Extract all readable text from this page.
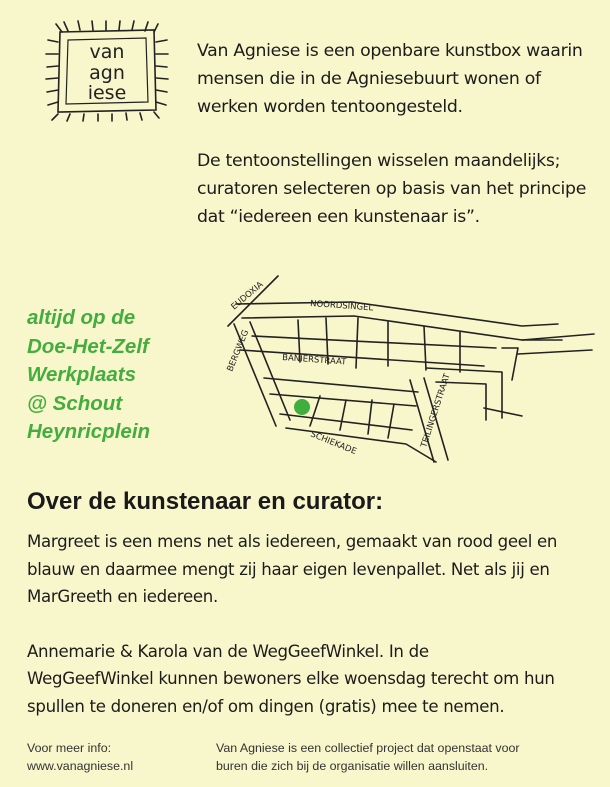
van
agn
iese

Van Agniese is een openbare kunstbox waarin
mensen die in de Agniesebuurt wonen of
werken worden tentoongesteld.

De tentoonstellingen wisselen maandelijks;
curatoren selecteren op basis van het principe
dat “iedereen een kunstenaar is”.

altijd op de
Doe-Het-Zelf
Werkplaats
@ Schout
Heynricplein
EUDOXIA	NOORDSINGEL
BERGWEG	BANIERSTRAAT
TEILINGERSTRAAT
SCHIEKADE
Over de kunstenaar en curator:

Margreet is een mens net als iedereen, gemaakt van rood geel en
blauw en daarmee mengt zij haar eigen levenpallet. Net als jij en
MarGreeth en iedereen.

Annemarie & Karola van de WegGeefWinkel. In de
WegGeefWinkel kunnen bewoners elke woensdag terecht om hun
spullen te doneren en/of om dingen (gratis) mee te nemen.

Voor meer info:
www.vanagniese.nl
Van Agniese is een collectief project dat openstaat voor
buren die zich bij de organisatie willen aansluiten.
